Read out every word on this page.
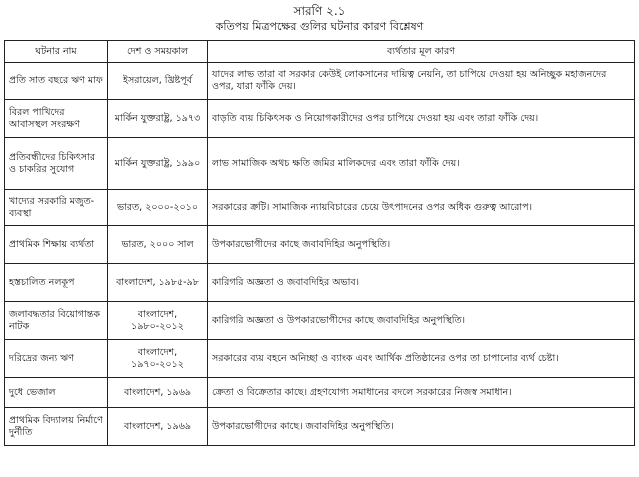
সারণি ২.১
কতিপয় মিত্রপক্ষের গুলির ঘটনার কারণ বিশ্লেষণ
ঘটনার নাম	দেশ ও সময়কাল	ব্যর্থতার মূল কারণ
প্রতি সাত বছরে ঋণ মাফ	ইসরায়েল, খ্রিষ্টপূর্ব	যাদের লাভ তারা বা সরকার কেউই লোকসানের দায়িত্ব নেয়নি, তা চাপিয়ে দেওয়া হয় অনিচ্ছুক মহাজনদের ওপর, যারা ফাঁকি দেয়।
বিরল পাখিদের আবাসস্থল সংরক্ষণ	মার্কিন যুক্তরাষ্ট্র, ১৯৭৩	বাড়তি ব্যয় চিকিৎসক ও নিয়োগকারীদের ওপর চাপিয়ে দেওয়া হয় এবং তারা ফাঁকি দেয়।
প্রতিবন্ধীদের চিকিৎসার ও চাকরির সুযোগ	মার্কিন যুক্তরাষ্ট্র, ১৯৯০	লাভ সামাজিক অথচ ক্ষতি জমির মালিকদের এবং তারা ফাঁকি দেয়।
খাদ্যের সরকারি মজুত-ব্যবস্থা	ভারত, ২০০০-২০১০	সরকারের ক্রটি। সামাজিক ন্যায়বিচারের চেয়ে উৎপাদনের ওপর অধিক গুরুত্ব আরোপ।
প্রাথমিক শিক্ষায় ব্যর্থতা	ভারত, ২০০০ সাল	উপকারভোগীদের কাছে জবাবদিহির অনুপস্থিতি।
হস্তচালিত নলকূপ	বাংলাদেশ, ১৯৮৫-৯৮	কারিগরি অজ্ঞতা ও জবাবদিহির অভাব।
জলাবদ্ধতার বিয়োগান্তক নাটক	বাংলাদেশ, ১৯৮০-২০১২	কারিগরি অজ্ঞতা ও উপকারভোগীদের কাছে জবাবদিহির অনুপস্থিতি।
দরিদ্রের জন্য ঋণ	বাংলাদেশ, ১৯৭০-২০১২	সরকারের ব্যয় বহনে অনিচ্ছা ও ব্যাংক এবং আর্থিক প্রতিষ্ঠানের ওপর তা চাপানোর ব্যর্থ চেষ্টা।
দুধে ভেজাল	বাংলাদেশ, ১৯৬৯	ক্রেতা ও বিক্রেতার কাছে। গ্রহণযোগ্য সমাধানের বদলে সরকারের নিজস্ব সমাধান।
প্রাথমিক বিদ্যালয় নির্মাণে দুর্নীতি	বাংলাদেশ, ১৯৬৯	উপকারভোগীদের কাছে। জবাবদিহির অনুপস্থিতি।
